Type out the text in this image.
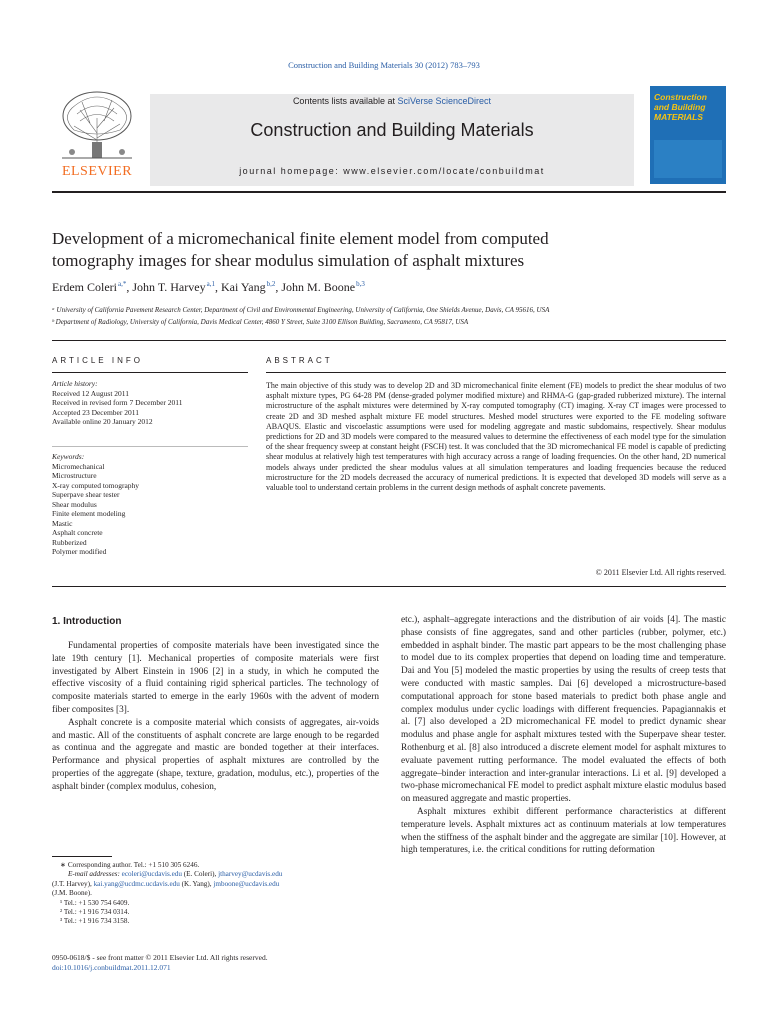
Construction and Building Materials 30 (2012) 783–793
Contents lists available at SciVerse ScienceDirect
Construction and Building Materials
journal homepage: www.elsevier.com/locate/conbuildmat
ELSEVIER
Construction and Building MATERIALS
Development of a micromechanical finite element model from computed
tomography images for shear modulus simulation of asphalt mixtures
Erdem Coleri $^{a,*}$, John T. Harvey $^{a,1}$, Kai Yang $^{b,2}$, John M. Boone $^{b,3}$
ᵃ University of California Pavement Research Center, Department of Civil and Environmental Engineering, University of California, One Shields Avenue, Davis, CA 95616, USA
ᵇ Department of Radiology, University of California, Davis Medical Center, 4860 Y Street, Suite 3100 Ellison Building, Sacramento, CA 95817, USA
ARTICLE INFO
Article history:
Received 12 August 2011
Received in revised form 7 December 2011
Accepted 23 December 2011
Available online 20 January 2012
Keywords:
Micromechanical
Microstructure
X-ray computed tomography
Superpave shear tester
Shear modulus
Finite element modeling
Mastic
Asphalt concrete
Rubberized
Polymer modified
ABSTRACT
The main objective of this study was to develop 2D and 3D micromechanical finite element (FE) models to predict the shear modulus of two asphalt mixture types, PG 64-28 PM (dense-graded polymer modified mixture) and RHMA-G (gap-graded rubberized mixture). The internal microstructure of the asphalt mixtures were determined by X-ray computed tomography (CT) imaging. X-ray CT images were processed to create 2D and 3D meshed asphalt mixture FE model structures. Meshed model structures were exported to the FE modeling software ABAQUS. Elastic and viscoelastic assumptions were used for modeling aggregate and mastic subdomains, respectively. Shear modulus predictions for 2D and 3D models were compared to the measured values to determine the effectiveness of each model type for the simulation of the shear frequency sweep at constant height (FSCH) test. It was concluded that the 3D micromechanical FE model is capable of predicting shear modulus at relatively high test temperatures with high accuracy across a range of loading frequencies. On the other hand, 2D numerical models always under predicted the shear modulus values at all simulation temperatures and loading frequencies because the reduced microstructure for the 2D models decreased the accuracy of numerical predictions. It is expected that developed 3D models will serve as a valuable tool to understand certain problems in the current design methods of asphalt concrete pavements.
© 2011 Elsevier Ltd. All rights reserved.
1. Introduction

Fundamental properties of composite materials have been investigated since the late 19th century [1]. Mechanical properties of composite materials were first investigated by Albert Einstein in 1906 [2] in a study, in which he computed the effective viscosity of a fluid containing rigid spherical particles. The technology of composite materials started to emerge in the early 1960s with the advent of modern fiber composites [3].

Asphalt concrete is a composite material which consists of aggregates, air-voids and mastic. All of the constituents of asphalt concrete are large enough to be regarded as continua and the aggregate and mastic are bonded together at their interfaces. Performance and physical properties of asphalt mixtures are controlled by the properties of the aggregate (shape, texture, gradation, modulus, etc.), properties of the asphalt binder (complex modulus, cohesion,

∗ Corresponding author. Tel.: +1 510 305 6246.
E-mail addresses: ecoleri@ucdavis.edu (E. Coleri), jtharvey@ucdavis.edu
(J.T. Harvey), kai.yang@ucdmc.ucdavis.edu (K. Yang), jmboone@ucdavis.edu
(J.M. Boone).
¹ Tel.: +1 530 754 6409.
² Tel.: +1 916 734 0314.
³ Tel.: +1 916 734 3158.
0950-0618/$ - see front matter © 2011 Elsevier Ltd. All rights reserved.
doi:10.1016/j.conbuildmat.2011.12.071

etc.), asphalt–aggregate interactions and the distribution of air voids [4]. The mastic phase consists of fine aggregates, sand and other particles (rubber, polymer, etc.) embedded in asphalt binder. The mastic part appears to be the most challenging phase to model due to its complex properties that depend on loading time and temperature. Dai and You [5] modeled the mastic properties by using the results of creep tests that were conducted with mastic samples. Dai [6] developed a microstructure-based computational approach for stone based materials to predict both phase angle and complex modulus under cyclic loadings with different frequencies. Papagiannakis et al. [7] also developed a 2D micromechanical FE model to predict dynamic shear modulus and phase angle for asphalt mixtures tested with the Superpave shear tester. Rothenburg et al. [8] also introduced a discrete element model for asphalt mixtures to evaluate pavement rutting performance. The model evaluated the effects of both aggregate–binder interaction and inter-granular interactions. Li et al. [9] developed a two-phase micromechanical FE model to predict asphalt mixture elastic modulus based on measured aggregate and mastic properties.

Asphalt mixtures exhibit different performance characteristics at different temperature levels. Asphalt mixtures act as continuum materials at low temperatures when the stiffness of the asphalt binder and the aggregate are similar [10]. However, at high temperatures, i.e. the critical conditions for rutting deformation
